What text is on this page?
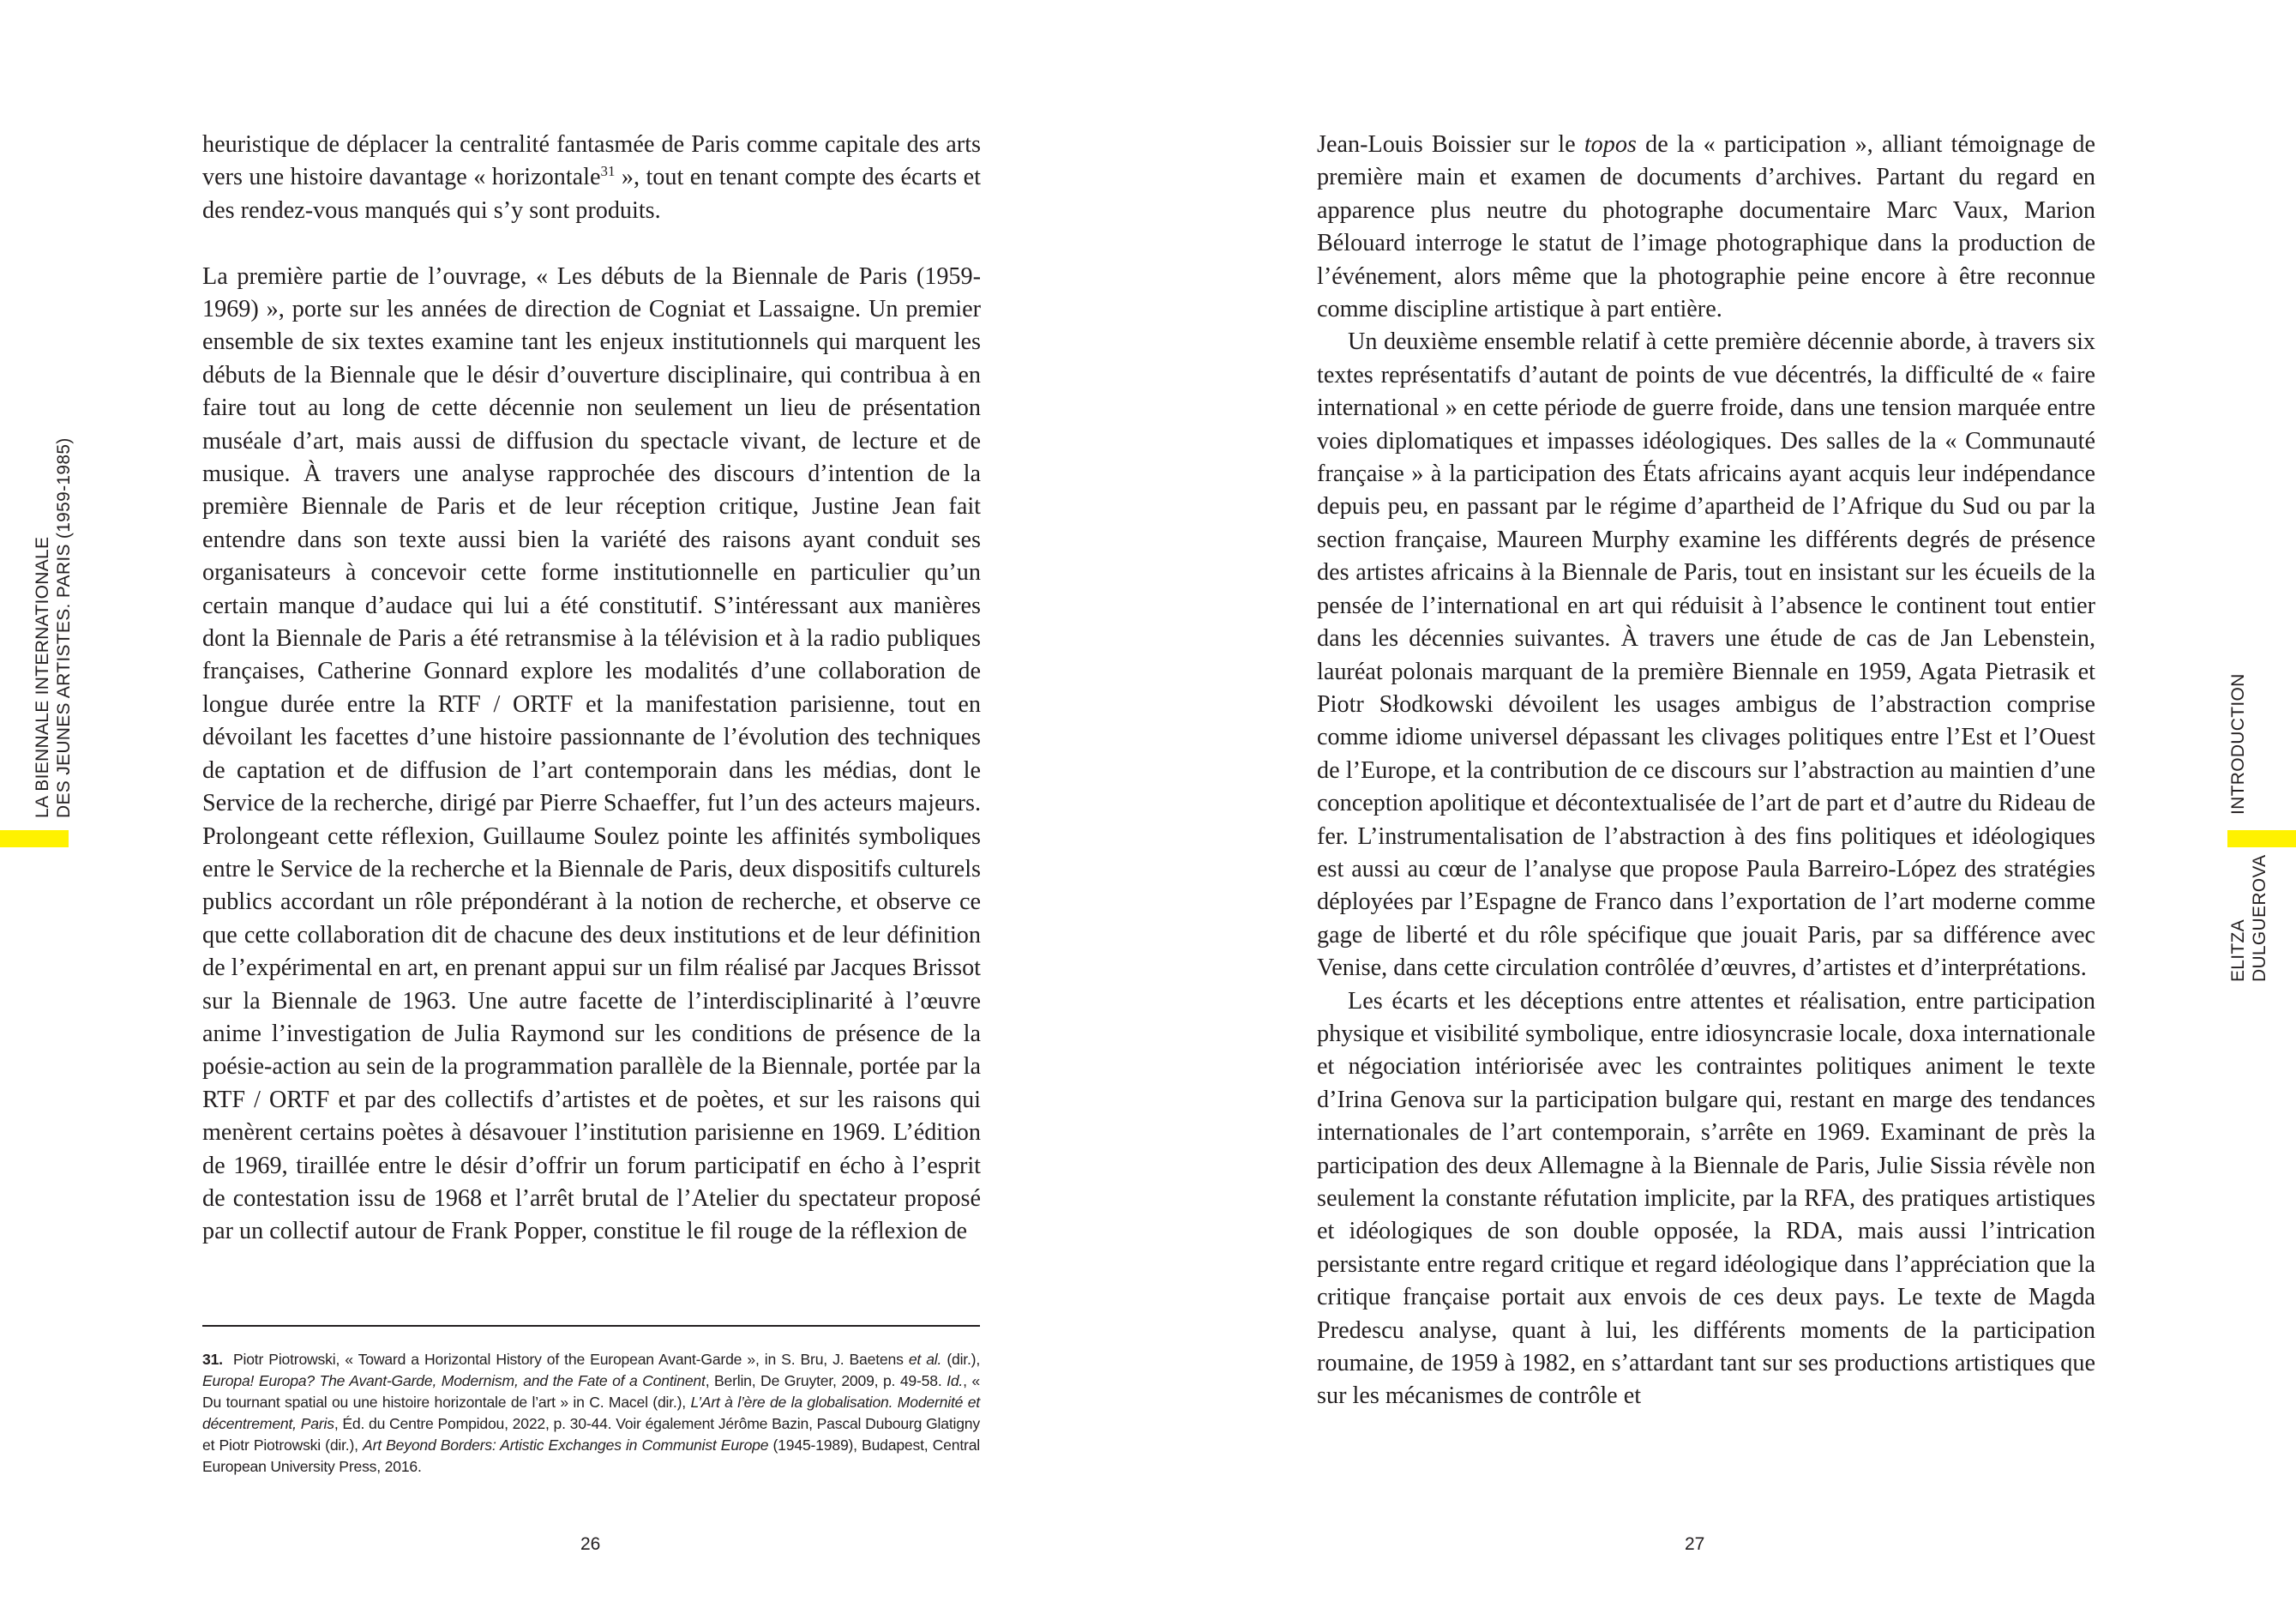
LA BIENNALE INTERNATIONALE DES JEUNES ARTISTES. PARIS (1959-1985)

heuristique de déplacer la centralité fantasmée de Paris comme capitale des arts vers une histoire davantage « horizontale$^{31}$ », tout en tenant compte des écarts et des rendez-vous manqués qui s’y sont produits.

La première partie de l’ouvrage, « Les débuts de la Biennale de Paris (1959-1969) », porte sur les années de direction de Cogniat et Lassaigne. Un premier ensemble de six textes examine tant les enjeux institutionnels qui marquent les débuts de la Biennale que le désir d’ouverture disciplinaire, qui contribua à en faire tout au long de cette décennie non seulement un lieu de présentation muséale d’art, mais aussi de diffusion du spectacle vivant, de lecture et de musique. À travers une analyse rapprochée des discours d’intention de la première Biennale de Paris et de leur réception critique, Justine Jean fait entendre dans son texte aussi bien la variété des raisons ayant conduit ses organisateurs à concevoir cette forme institutionnelle en particulier qu’un certain manque d’audace qui lui a été constitutif. S’intéressant aux manières dont la Biennale de Paris a été retransmise à la télévision et à la radio publiques françaises, Catherine Gonnard explore les modalités d’une collaboration de longue durée entre la RTF / ORTF et la manifestation parisienne, tout en dévoilant les facettes d’une histoire passionnante de l’évolution des techniques de captation et de diffusion de l’art contemporain dans les médias, dont le Service de la recherche, dirigé par Pierre Schaeffer, fut l’un des acteurs majeurs. Prolongeant cette réflexion, Guillaume Soulez pointe les affinités symboliques entre le Service de la recherche et la Biennale de Paris, deux dispositifs culturels publics accordant un rôle prépondérant à la notion de recherche, et observe ce que cette collaboration dit de chacune des deux institutions et de leur définition de l’expérimental en art, en prenant appui sur un film réalisé par Jacques Brissot sur la Biennale de 1963. Une autre facette de l’interdisciplinarité à l’œuvre anime l’investigation de Julia Raymond sur les conditions de présence de la poésie-action au sein de la programmation parallèle de la Biennale, portée par la RTF / ORTF et par des collectifs d’artistes et de poètes, et sur les raisons qui menèrent certains poètes à désavouer l’institution parisienne en 1969. L’édition de 1969, tiraillée entre le désir d’offrir un forum participatif en écho à l’esprit de contestation issu de 1968 et l’arrêt brutal de l’Atelier du spectateur proposé par un collectif autour de Frank Popper, constitue le fil rouge de la réflexion de

31. Piotr Piotrowski, « Toward a Horizontal History of the European Avant-Garde », in S. Bru, J. Baetens et al. (dir.), Europa! Europa? The Avant-Garde, Modernism, and the Fate of a Continent, Berlin, De Gruyter, 2009, p. 49-58. Id., « Du tournant spatial ou une histoire horizontale de l’art » in C. Macel (dir.), L’Art à l’ère de la globalisation. Modernité et décentrement, Paris, Éd. du Centre Pompidou, 2022, p. 30-44. Voir également Jérôme Bazin, Pascal Dubourg Glatigny et Piotr Piotrowski (dir.), Art Beyond Borders: Artistic Exchanges in Communist Europe (1945-1989), Budapest, Central European University Press, 2016.
26

Jean-Louis Boissier sur le topos de la « participation », alliant témoignage de première main et examen de documents d’archives. Partant du regard en apparence plus neutre du photographe documentaire Marc Vaux, Marion Bélouard interroge le statut de l’image photographique dans la production de l’événement, alors même que la photographie peine encore à être reconnue comme discipline artistique à part entière.

Un deuxième ensemble relatif à cette première décennie aborde, à travers six textes représentatifs d’autant de points de vue décentrés, la difficulté de « faire international » en cette période de guerre froide, dans une tension marquée entre voies diplomatiques et impasses idéologiques. Des salles de la « Communauté française » à la participation des États africains ayant acquis leur indépendance depuis peu, en passant par le régime d’apartheid de l’Afrique du Sud ou par la section française, Maureen Murphy examine les différents degrés de présence des artistes africains à la Biennale de Paris, tout en insistant sur les écueils de la pensée de l’international en art qui réduisit à l’absence le continent tout entier dans les décennies suivantes. À travers une étude de cas de Jan Lebenstein, lauréat polonais marquant de la première Biennale en 1959, Agata Pietrasik et Piotr Słodkowski dévoilent les usages ambigus de l’abstraction comprise comme idiome universel dépassant les clivages politiques entre l’Est et l’Ouest de l’Europe, et la contribution de ce discours sur l’abstraction au maintien d’une conception apolitique et décontextualisée de l’art de part et d’autre du Rideau de fer. L’instrumentalisation de l’abstraction à des fins politiques et idéologiques est aussi au cœur de l’analyse que propose Paula Barreiro-López des stratégies déployées par l’Espagne de Franco dans l’exportation de l’art moderne comme gage de liberté et du rôle spécifique que jouait Paris, par sa différence avec Venise, dans cette circulation contrôlée d’œuvres, d’artistes et d’interprétations.

Les écarts et les déceptions entre attentes et réalisation, entre participation physique et visibilité symbolique, entre idiosyncrasie locale, doxa internationale et négociation intériorisée avec les contraintes politiques animent le texte d’Irina Genova sur la participation bulgare qui, restant en marge des tendances internationales de l’art contemporain, s’arrête en 1969. Examinant de près la participation des deux Allemagne à la Biennale de Paris, Julie Sissia révèle non seulement la constante réfutation implicite, par la RFA, des pratiques artistiques et idéologiques de son double opposée, la RDA, mais aussi l’intrication persistante entre regard critique et regard idéologique dans l’appréciation que la critique française portait aux envois de ces deux pays. Le texte de Magda Predescu analyse, quant à lui, les différents moments de la participation roumaine, de 1959 à 1982, en s’attardant tant sur ses productions artistiques que sur les mécanismes de contrôle et

27
INTRODUCTION
ELITZA DULGUEROVA
